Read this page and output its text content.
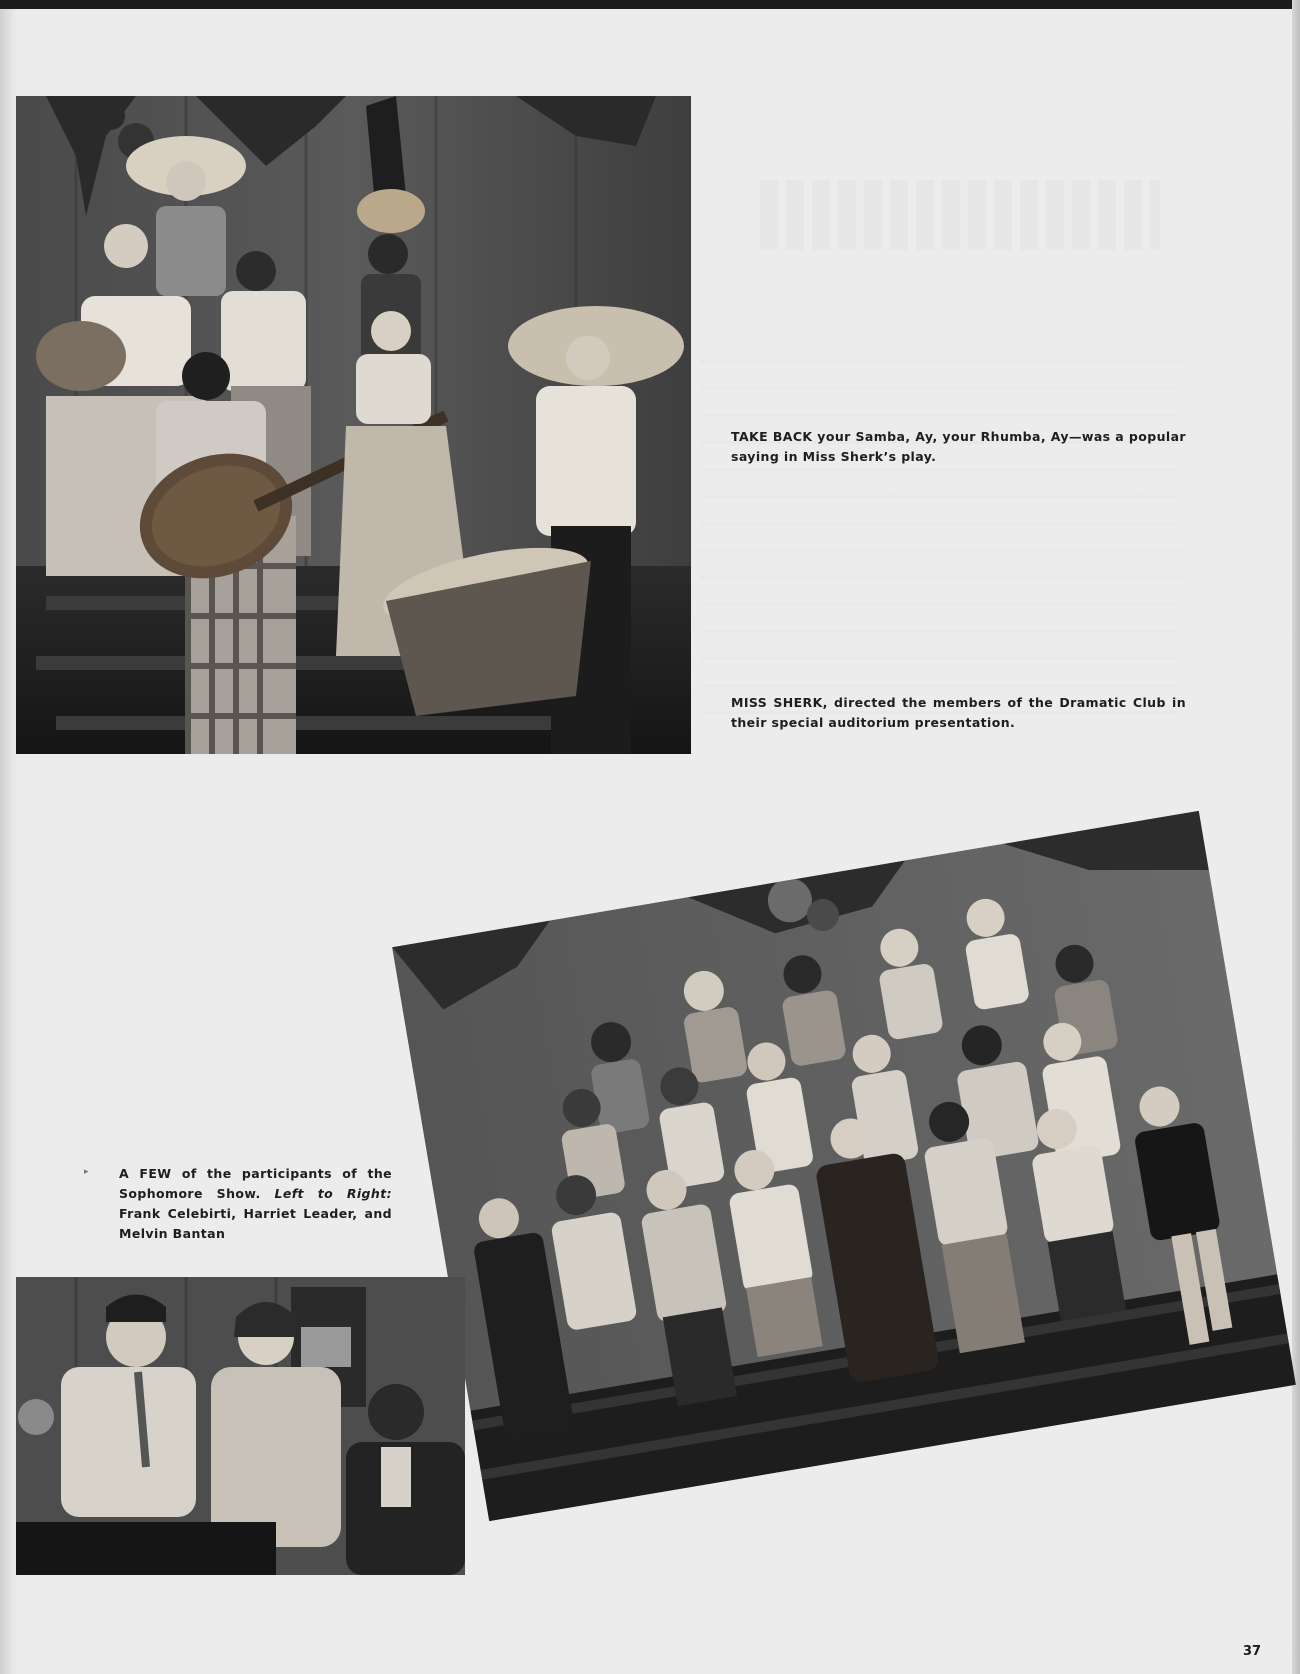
TAKE BACK your Samba, Ay, your Rhumba, Ay—was a popular saying in Miss Sherk’s play.
MISS SHERK, directed the members of the Dramatic Club in their special auditorium presentation.
▸ A FEW of the participants of the Sophomore Show. Left to Right: Frank Celebirti, Harriet Leader, and Melvin Bantan
37
